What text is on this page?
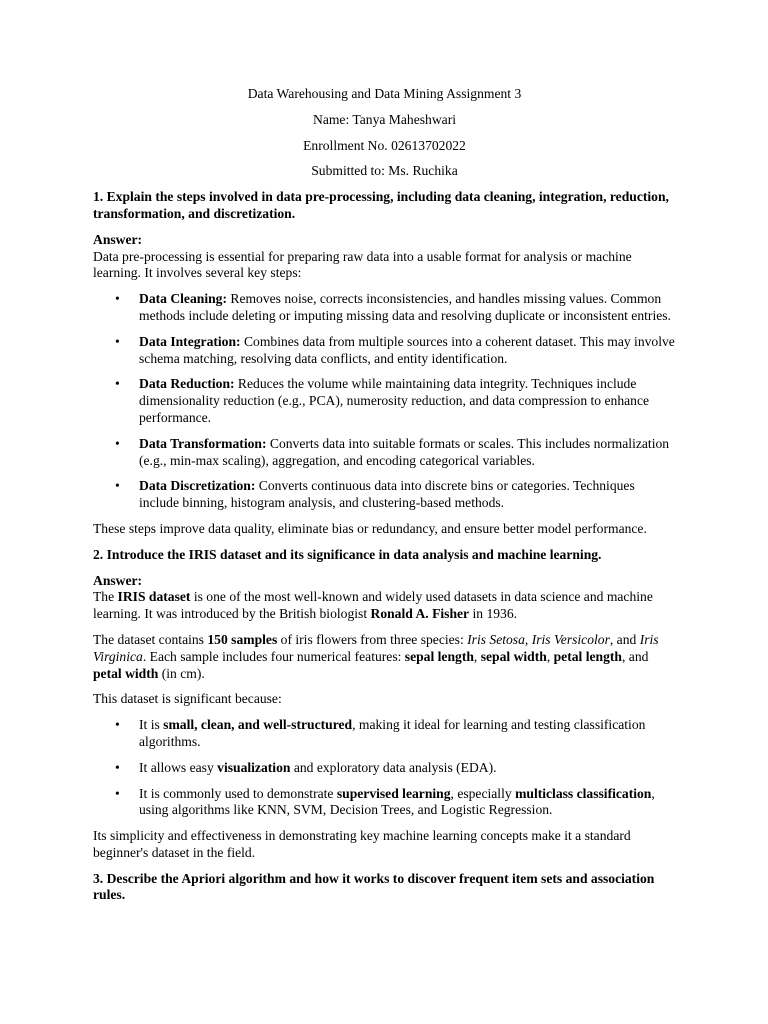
Data Warehousing and Data Mining Assignment 3

Name: Tanya Maheshwari

Enrollment No. 02613702022

Submitted to: Ms. Ruchika

1. Explain the steps involved in data pre-processing, including data cleaning, integration, reduction, transformation, and discretization.

Answer:

Data pre-processing is essential for preparing raw data into a usable format for analysis or machine learning. It involves several key steps:

• Data Cleaning: Removes noise, corrects inconsistencies, and handles missing values. Common methods include deleting or imputing missing data and resolving duplicate or inconsistent entries.
• Data Integration: Combines data from multiple sources into a coherent dataset. This may involve schema matching, resolving data conflicts, and entity identification.
• Data Reduction: Reduces the volume while maintaining data integrity. Techniques include dimensionality reduction (e.g., PCA), numerosity reduction, and data compression to enhance performance.
• Data Transformation: Converts data into suitable formats or scales. This includes normalization (e.g., min-max scaling), aggregation, and encoding categorical variables.
• Data Discretization: Converts continuous data into discrete bins or categories. Techniques include binning, histogram analysis, and clustering-based methods.

These steps improve data quality, eliminate bias or redundancy, and ensure better model performance.

2. Introduce the IRIS dataset and its significance in data analysis and machine learning.

Answer:

The IRIS dataset is one of the most well-known and widely used datasets in data science and machine learning. It was introduced by the British biologist Ronald A. Fisher in 1936.

The dataset contains 150 samples of iris flowers from three species: Iris Setosa, Iris Versicolor, and Iris Virginica. Each sample includes four numerical features: sepal length, sepal width, petal length, and petal width (in cm).

This dataset is significant because:

• It is small, clean, and well-structured, making it ideal for learning and testing classification algorithms.
• It allows easy visualization and exploratory data analysis (EDA).
• It is commonly used to demonstrate supervised learning, especially multiclass classification, using algorithms like KNN, SVM, Decision Trees, and Logistic Regression.

Its simplicity and effectiveness in demonstrating key machine learning concepts make it a standard beginner's dataset in the field.

3. Describe the Apriori algorithm and how it works to discover frequent item sets and association rules.
